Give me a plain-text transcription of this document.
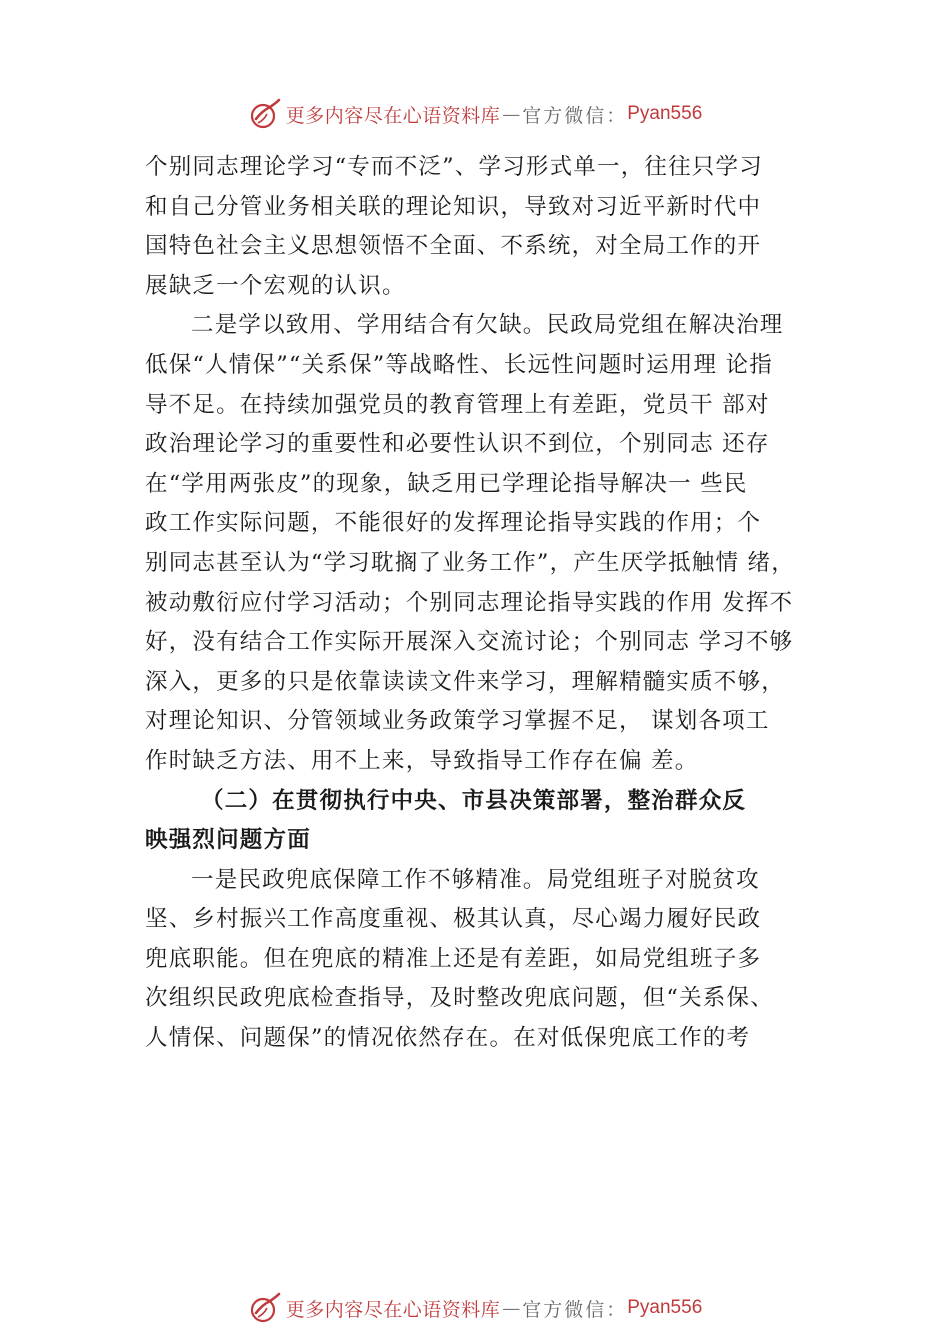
更多内容尽在心语资料库 — 官方微信： Pyan556
个别同志理论学习“专而不泛”、学习形式单一，往往只学习
和自己分管业务相关联的理论知识，导致对习近平新时代中
国特色社会主义思想领悟不全面、不系统，对全局工作的开
展缺乏一个宏观的认识。
二是学以致用、学用结合有欠缺。民政局党组在解决治理
低保“人情保”“关系保”等战略性、长远性问题时运用理 论指
导不足。在持续加强党员的教育管理上有差距，党员干 部对
政治理论学习的重要性和必要性认识不到位，个别同志 还存
在“学用两张皮”的现象，缺乏用已学理论指导解决一 些民
政工作实际问题，不能很好的发挥理论指导实践的作用；个
别同志甚至认为“学习耽搁了业务工作”，产生厌学抵触情 绪，
被动敷衍应付学习活动；个别同志理论指导实践的作用 发挥不
好，没有结合工作实际开展深入交流讨论；个别同志 学习不够
深入，更多的只是依靠读读文件来学习，理解精髓实质不够，
对理论知识、分管领域业务政策学习掌握不足， 谋划各项工
作时缺乏方法、用不上来，导致指导工作存在偏 差。
（二）在贯彻执行中央、市县决策部署，整治群众反
映强烈问题方面
一是民政兜底保障工作不够精准。局党组班子对脱贫攻
坚、乡村振兴工作高度重视、极其认真，尽心竭力履好民政
兜底职能。但在兜底的精准上还是有差距，如局党组班子多
次组织民政兜底检查指导，及时整改兜底问题，但“关系保、
人情保、问题保”的情况依然存在。在对低保兜底工作的考
更多内容尽在心语资料库 — 官方微信： Pyan556
